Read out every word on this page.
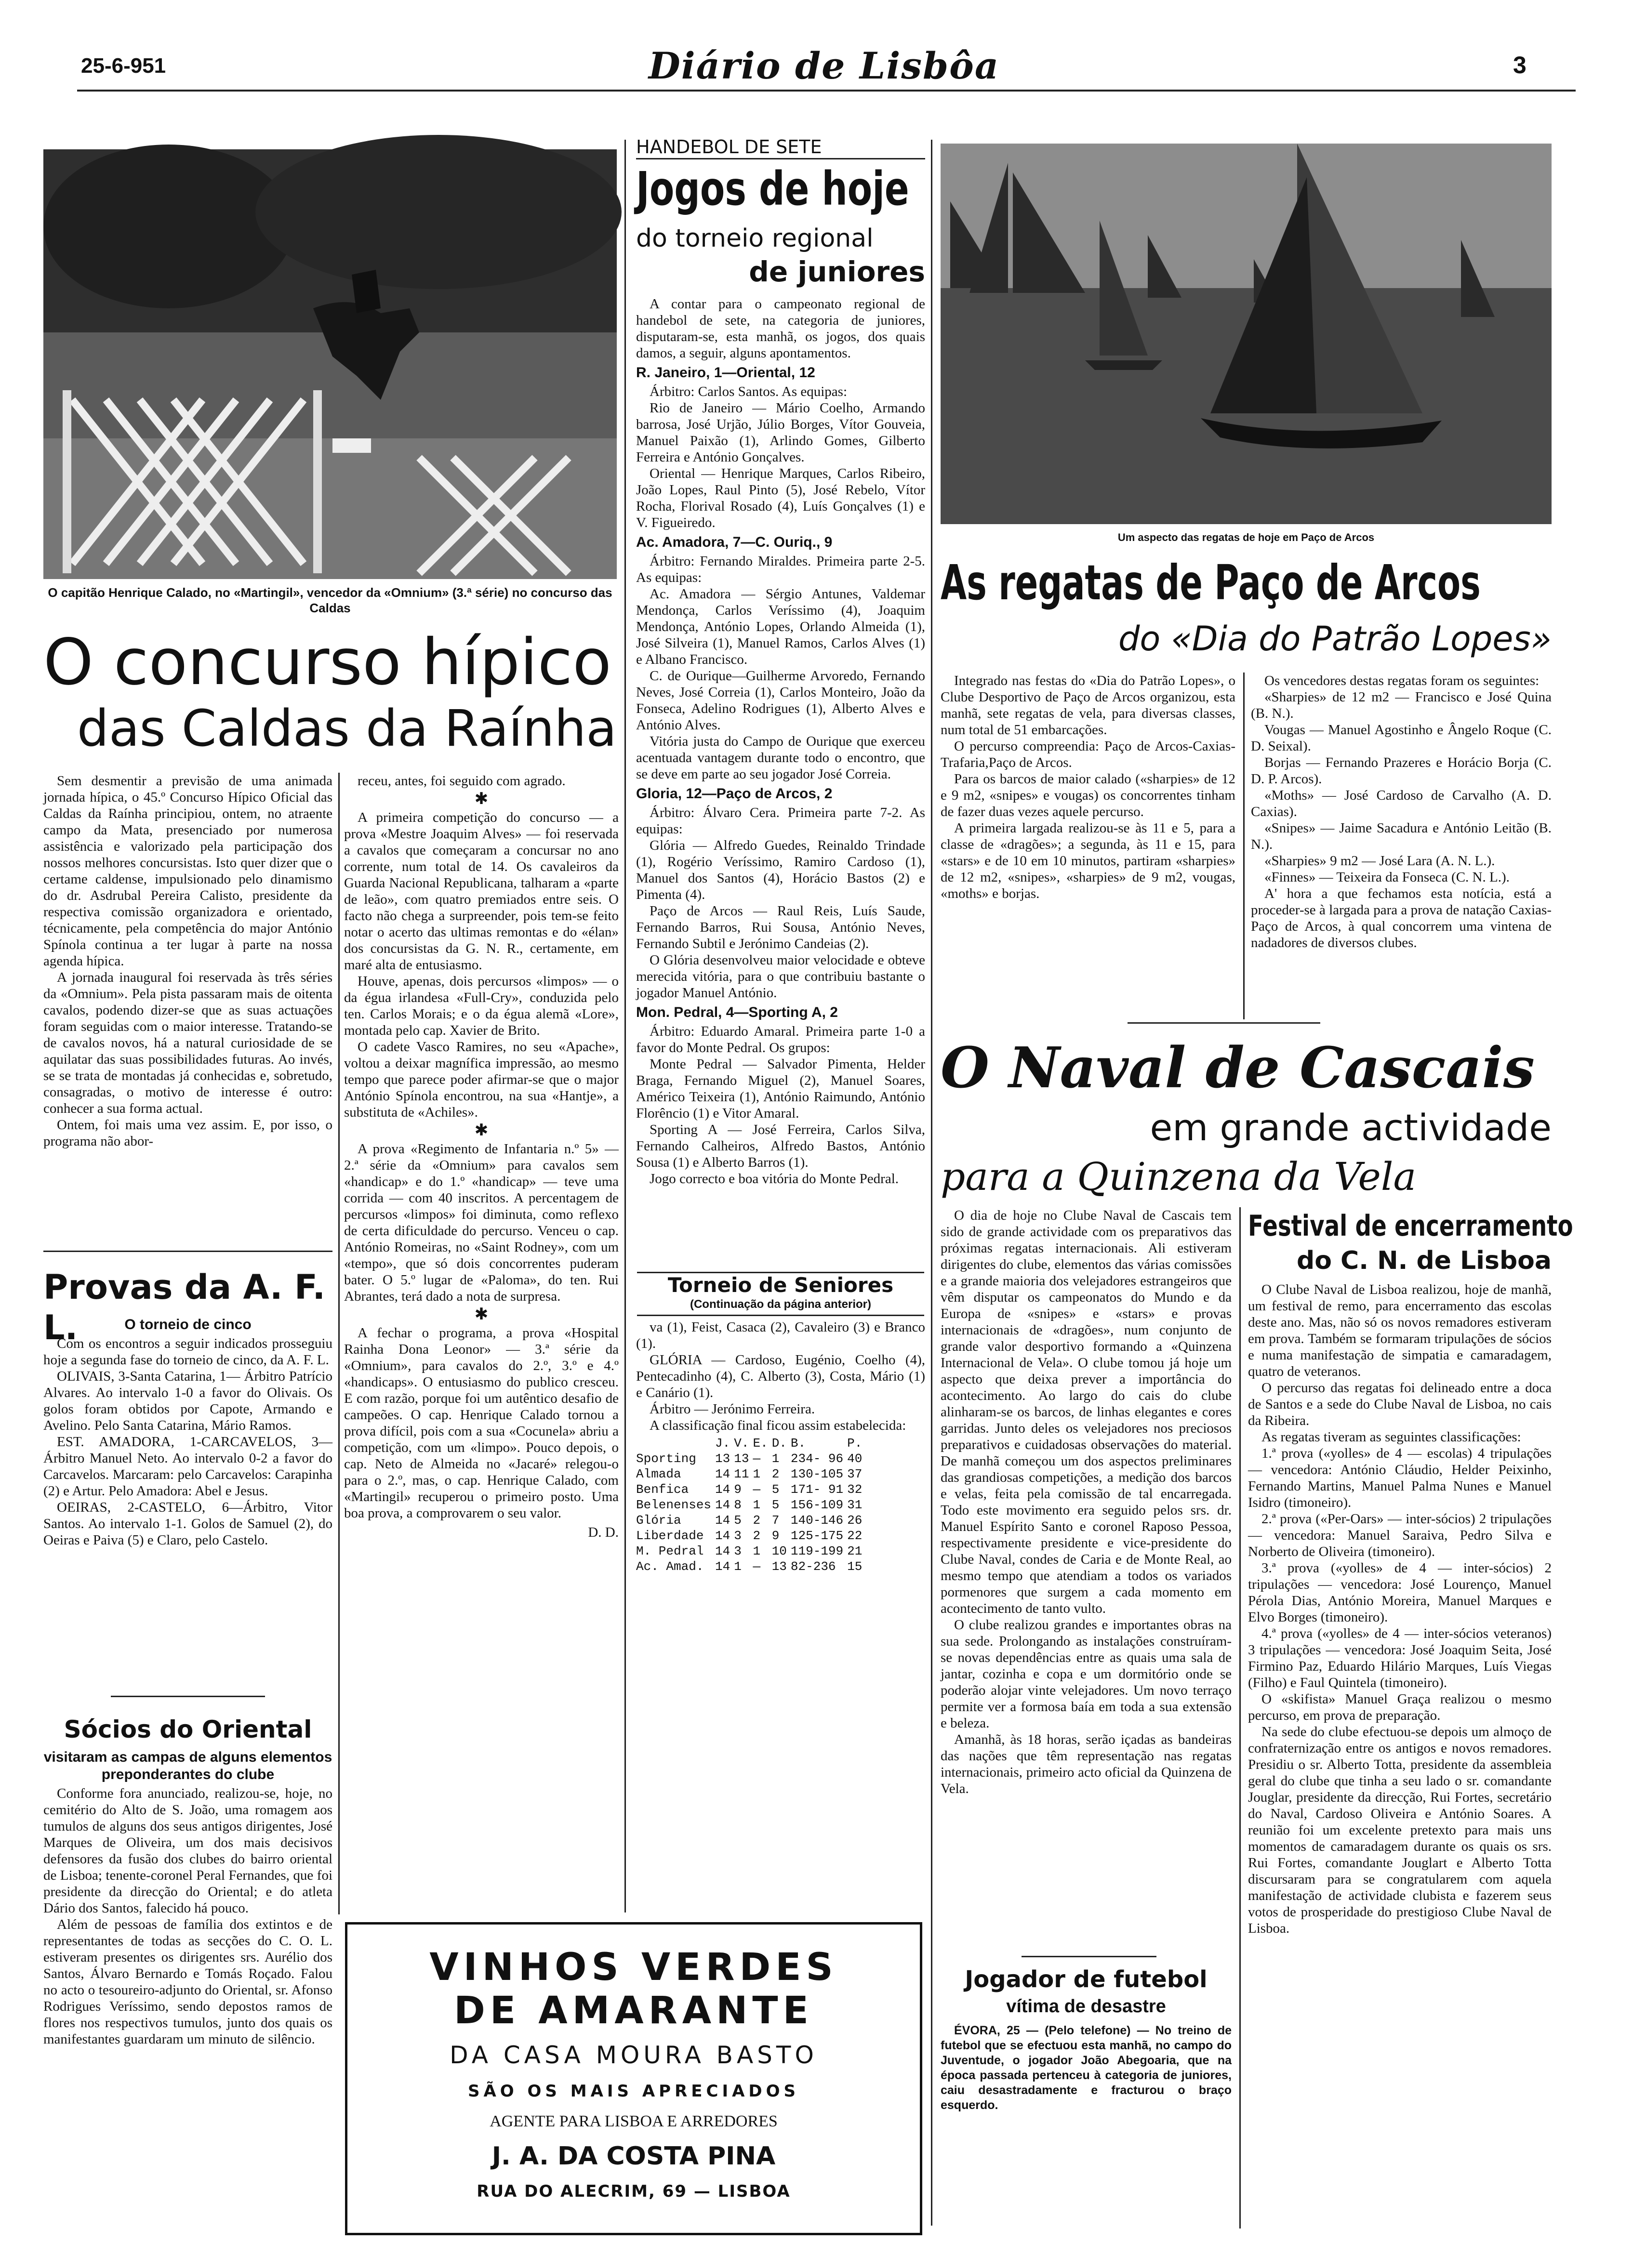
25-6-951	Diário de Lisbôa	3
O capitão Henrique Calado, no «Martingil», vencedor da «Omnium» (3.ª série) no concurso das Caldas
O concurso hípico
das Caldas da Raínha

Sem desmentir a previsão de uma animada jornada hípica, o 45.º Concurso Hípico Oficial das Caldas da Raínha principiou, ontem, no atraente campo da Mata, presenciado por numerosa assistência e valorizado pela participação dos nossos melhores concursistas. Isto quer dizer que o certame caldense, impulsionado pelo dinamismo do dr. Asdrubal Pereira Calisto, presidente da respectiva comissão organizadora e orientado, técnicamente, pela competência do major António Spínola continua a ter lugar à parte na nossa agenda hípica.

A jornada inaugural foi reservada às três séries da «Omnium». Pela pista passaram mais de oitenta cavalos, podendo dizer-se que as suas actuações foram seguidas com o maior interesse. Tratando-se de cavalos novos, há a natural curiosidade de se aquilatar das suas possibilidades futuras. Ao invés, se se trata de montadas já conhecidas e, sobretudo, consagradas, o motivo de interesse é outro: conhecer a sua forma actual.

Ontem, foi mais uma vez assim. E, por isso, o programa não abor-

receu, antes, foi seguido com agrado.

✱

A primeira competição do concurso — a prova «Mestre Joaquim Alves» — foi reservada a cavalos que começaram a concursar no ano corrente, num total de 14. Os cavaleiros da Guarda Nacional Republicana, talharam a «parte de leão», com quatro premiados entre seis. O facto não chega a surpreender, pois tem-se feito notar o acerto das ultimas remontas e do «élan» dos concursistas da G. N. R., certamente, em maré alta de entusiasmo.

Houve, apenas, dois percursos «limpos» — o da égua irlandesa «Full-Cry», conduzida pelo ten. Carlos Morais; e o da égua alemã «Lore», montada pelo cap. Xavier de Brito.

O cadete Vasco Ramires, no seu «Apache», voltou a deixar magnífica impressão, ao mesmo tempo que parece poder afirmar-se que o major António Spínola encontrou, na sua «Hantje», a substituta de «Achiles».

✱

A prova «Regimento de Infantaria n.º 5» — 2.ª série da «Omnium» para cavalos sem «handicap» e do 1.º «handicap» — teve uma corrida — com 40 inscritos. A percentagem de percursos «limpos» foi diminuta, como reflexo de certa dificuldade do percurso. Venceu o cap. António Romeiras, no «Saint Rodney», com um «tempo», que só dois concorrentes puderam bater. O 5.º lugar de «Paloma», do ten. Rui Abrantes, terá dado a nota de surpresa.

✱

A fechar o programa, a prova «Hospital Rainha Dona Leonor» — 3.ª série da «Omnium», para cavalos do 2.º, 3.º e 4.º «handicaps». O entusiasmo do publico cresceu. E com razão, porque foi um autêntico desafio de campeões. O cap. Henrique Calado tornou a prova difícil, pois com a sua «Cocunela» abriu a competição, com um «limpo». Pouco depois, o cap. Neto de Almeida no «Jacaré» relegou-o para o 2.º, mas, o cap. Henrique Calado, com «Martingil» recuperou o primeiro posto. Uma boa prova, a comprovarem o seu valor.

D. D.
Provas da A. F. L.	O torneio de cinco

Com os encontros a seguir indicados prosseguiu hoje a segunda fase do torneio de cinco, da A. F. L.

OLIVAIS, 3-Santa Catarina, 1— Árbitro Patrício Alvares. Ao intervalo 1-0 a favor do Olivais. Os golos foram obtidos por Capote, Armando e Avelino. Pelo Santa Catarina, Mário Ramos.

EST. AMADORA, 1-CARCAVELOS, 3—Árbitro Manuel Neto. Ao intervalo 0-2 a favor do Carcavelos. Marcaram: pelo Carcavelos: Carapinha (2) e Artur. Pelo Amadora: Abel e Jesus.

OEIRAS, 2-CASTELO, 6—Árbitro, Vitor Santos. Ao intervalo 1-1. Golos de Samuel (2), do Oeiras e Paiva (5) e Claro, pelo Castelo.

Sócios do Oriental
visitaram as campas de alguns elementos preponderantes do clube

Conforme fora anunciado, realizou-se, hoje, no cemitério do Alto de S. João, uma romagem aos tumulos de alguns dos seus antigos dirigentes, José Marques de Oliveira, um dos mais decisivos defensores da fusão dos clubes do bairro oriental de Lisboa; tenente-coronel Peral Fernandes, que foi presidente da direcção do Oriental; e do atleta Dário dos Santos, falecido há pouco.

Além de pessoas de família dos extintos e de representantes de todas as secções do C. O. L. estiveram presentes os dirigentes srs. Aurélio dos Santos, Álvaro Bernardo e Tomás Roçado. Falou no acto o tesoureiro-adjunto do Oriental, sr. Afonso Rodrigues Veríssimo, sendo depostos ramos de flores nos respectivos tumulos, junto dos quais os manifestantes guardaram um minuto de silêncio.

VINHOS VERDES
DE AMARANTE
DA CASA MOURA BASTO
SÃO OS MAIS APRECIADOS
AGENTE PARA LISBOA E ARREDORES
J. A. DA COSTA PINA
RUA DO ALECRIM, 69 — LISBOA
HANDEBOL DE SETE
Jogos de hoje
do torneio regional
de juniores

A contar para o campeonato regional de handebol de sete, na categoria de juniores, disputaram-se, esta manhã, os jogos, dos quais damos, a seguir, alguns apontamentos.

R. Janeiro, 1—Oriental, 12

Árbitro: Carlos Santos. As equipas:

Rio de Janeiro — Mário Coelho, Armando barrosa, José Urjão, Júlio Borges, Vítor Gouveia, Manuel Paixão (1), Arlindo Gomes, Gilberto Ferreira e António Gonçalves.

Oriental — Henrique Marques, Carlos Ribeiro, João Lopes, Raul Pinto (5), José Rebelo, Vítor Rocha, Florival Rosado (4), Luís Gonçalves (1) e V. Figueiredo.

Ac. Amadora, 7—C. Ouriq., 9

Árbitro: Fernando Miraldes. Primeira parte 2-5. As equipas:

Ac. Amadora — Sérgio Antunes, Valdemar Mendonça, Carlos Veríssimo (4), Joaquim Mendonça, António Lopes, Orlando Almeida (1), José Silveira (1), Manuel Ramos, Carlos Alves (1) e Albano Francisco.

C. de Ourique—Guilherme Arvoredo, Fernando Neves, José Correia (1), Carlos Monteiro, João da Fonseca, Adelino Rodrigues (1), Alberto Alves e António Alves.

Vitória justa do Campo de Ourique que exerceu acentuada vantagem durante todo o encontro, que se deve em parte ao seu jogador José Correia.

Gloria, 12—Paço de Arcos, 2

Árbitro: Álvaro Cera. Primeira parte 7-2. As equipas:

Glória — Alfredo Guedes, Reinaldo Trindade (1), Rogério Veríssimo, Ramiro Cardoso (1), Manuel dos Santos (4), Horácio Bastos (2) e Pimenta (4).

Paço de Arcos — Raul Reis, Luís Saude, Fernando Barros, Rui Sousa, António Neves, Fernando Subtil e Jerónimo Candeias (2).

O Glória desenvolveu maior velocidade e obteve merecida vitória, para o que contribuiu bastante o jogador Manuel António.

Mon. Pedral, 4—Sporting A, 2

Árbitro: Eduardo Amaral. Primeira parte 1-0 a favor do Monte Pedral. Os grupos:

Monte Pedral — Salvador Pimenta, Helder Braga, Fernando Miguel (2), Manuel Soares, Américo Teixeira (1), António Raimundo, António Florêncio (1) e Vitor Amaral.

Sporting A — José Ferreira, Carlos Silva, Fernando Calheiros, Alfredo Bastos, António Sousa (1) e Alberto Barros (1).

Jogo correcto e boa vitória do Monte Pedral.

Torneio de Seniores
(Continuação da página anterior)

va (1), Feist, Casaca (2), Cavaleiro (3) e Branco (1).

GLÓRIA — Cardoso, Eugénio, Coelho (4), Pentecadinho (4), C. Alberto (3), Costa, Mário (1) e Canário (1).

Árbitro — Jerónimo Ferreira.

A classificação final ficou assim estabelecida:

	J.	V.	E.	D.	B.	P.
Sporting	13	13	—	1	234- 96	40
Almada	14	11	1	2	130-105	37
Benfica	14	9	—	5	171- 91	32
Belenenses	14	8	1	5	156-109	31
Glória	14	5	2	7	140-146	26
Liberdade	14	3	2	9	125-175	22
M. Pedral	14	3	1	10	119-199	21
Ac. Amad.	14	1	—	13	82-236	15
Um aspecto das regatas de hoje em Paço de Arcos
As regatas de Paço de Arcos
do «Dia do Patrão Lopes»

Integrado nas festas do «Dia do Patrão Lopes», o Clube Desportivo de Paço de Arcos organizou, esta manhã, sete regatas de vela, para diversas classes, num total de 51 embarcações.

O percurso compreendia: Paço de Arcos-Caxias-Trafaria,Paço de Arcos.

Para os barcos de maior calado («sharpies» de 12 e 9 m2, «snipes» e vougas) os concorrentes tinham de fazer duas vezes aquele percurso.

A primeira largada realizou-se às 11 e 5, para a classe de «dragões»; a segunda, às 11 e 15, para «stars» e de 10 em 10 minutos, partiram «sharpies» de 12 m2, «snipes», «sharpies» de 9 m2, vougas, «moths» e borjas.

Os vencedores destas regatas foram os seguintes:

«Sharpies» de 12 m2 — Francisco e José Quina (B. N.).

Vougas — Manuel Agostinho e Ângelo Roque (C. D. Seixal).

Borjas — Fernando Prazeres e Horácio Borja (C. D. P. Arcos).

«Moths» — José Cardoso de Carvalho (A. D. Caxias).

«Snipes» — Jaime Sacadura e António Leitão (B. N.).

«Sharpies» 9 m2 — José Lara (A. N. L.).

«Finnes» — Teixeira da Fonseca (C. N. L.).

A' hora a que fechamos esta notícia, está a proceder-se à largada para a prova de natação Caxias-Paço de Arcos, à qual concorrem uma vintena de nadadores de diversos clubes.

O Naval de Cascais
em grande actividade
para a Quinzena da Vela

O dia de hoje no Clube Naval de Cascais tem sido de grande actividade com os preparativos das próximas regatas internacionais. Ali estiveram dirigentes do clube, elementos das várias comissões e a grande maioria dos velejadores estrangeiros que vêm disputar os campeonatos do Mundo e da Europa de «snipes» e «stars» e provas internacionais de «dragões», num conjunto de grande valor desportivo formando a «Quinzena Internacional de Vela». O clube tomou já hoje um aspecto que deixa prever a importância do acontecimento. Ao largo do cais do clube alinharam-se os barcos, de linhas elegantes e cores garridas. Junto deles os velejadores nos preciosos preparativos e cuidadosas observações do material. De manhã começou um dos aspectos preliminares das grandiosas competições, a medição dos barcos e velas, feita pela comissão de tal encarregada. Todo este movimento era seguido pelos srs. dr. Manuel Espírito Santo e coronel Raposo Pessoa, respectivamente presidente e vice-presidente do Clube Naval, condes de Caria e de Monte Real, ao mesmo tempo que atendiam a todos os variados pormenores que surgem a cada momento em acontecimento de tanto vulto.

O clube realizou grandes e importantes obras na sua sede. Prolongando as instalações construíram-se novas dependências entre as quais uma sala de jantar, cozinha e copa e um dormitório onde se poderão alojar vinte velejadores. Um novo terraço permite ver a formosa baía em toda a sua extensão e beleza.

Amanhã, às 18 horas, serão içadas as bandeiras das nações que têm representação nas regatas internacionais, primeiro acto oficial da Quinzena de Vela.

Jogador de futebol
vítima de desastre

ÉVORA, 25 — (Pelo telefone) — No treino de futebol que se efectuou esta manhã, no campo do Juventude, o jogador João Abegoaria, que na época passada pertenceu à categoria de juniores, caiu desastradamente e fracturou o braço esquerdo.

Festival de encerramento
do C. N. de Lisboa

O Clube Naval de Lisboa realizou, hoje de manhã, um festival de remo, para encerramento das escolas deste ano. Mas, não só os novos remadores estiveram em prova. Também se formaram tripulações de sócios e numa manifestação de simpatia e camaradagem, quatro de veteranos.

O percurso das regatas foi delineado entre a doca de Santos e a sede do Clube Naval de Lisboa, no cais da Ribeira.

As regatas tiveram as seguintes classificações:

1.ª prova («yolles» de 4 — escolas) 4 tripulações — vencedora: António Cláudio, Helder Peixinho, Fernando Martins, Manuel Palma Nunes e Manuel Isidro (timoneiro).

2.ª prova («Per-Oars» — inter-sócios) 2 tripulações — vencedora: Manuel Saraiva, Pedro Silva e Norberto de Oliveira (timoneiro).

3.ª prova («yolles» de 4 — inter-sócios) 2 tripulações — vencedora: José Lourenço, Manuel Pérola Dias, António Moreira, Manuel Marques e Elvo Borges (timoneiro).

4.ª prova («yolles» de 4 — inter-sócios veteranos) 3 tripulações — vencedora: José Joaquim Seita, José Firmino Paz, Eduardo Hilário Marques, Luís Viegas (Filho) e Faul Quintela (timoneiro).

O «skifista» Manuel Graça realizou o mesmo percurso, em prova de preparação.

Na sede do clube efectuou-se depois um almoço de confraternização entre os antigos e novos remadores. Presidiu o sr. Alberto Totta, presidente da assembleia geral do clube que tinha a seu lado o sr. comandante Jouglar, presidente da direcção, Rui Fortes, secretário do Naval, Cardoso Oliveira e António Soares. A reunião foi um excelente pretexto para mais uns momentos de camaradagem durante os quais os srs. Rui Fortes, comandante Jouglart e Alberto Totta discursaram para se congratularem com aquela manifestação de actividade clubista e fazerem seus votos de prosperidade do prestigioso Clube Naval de Lisboa.
